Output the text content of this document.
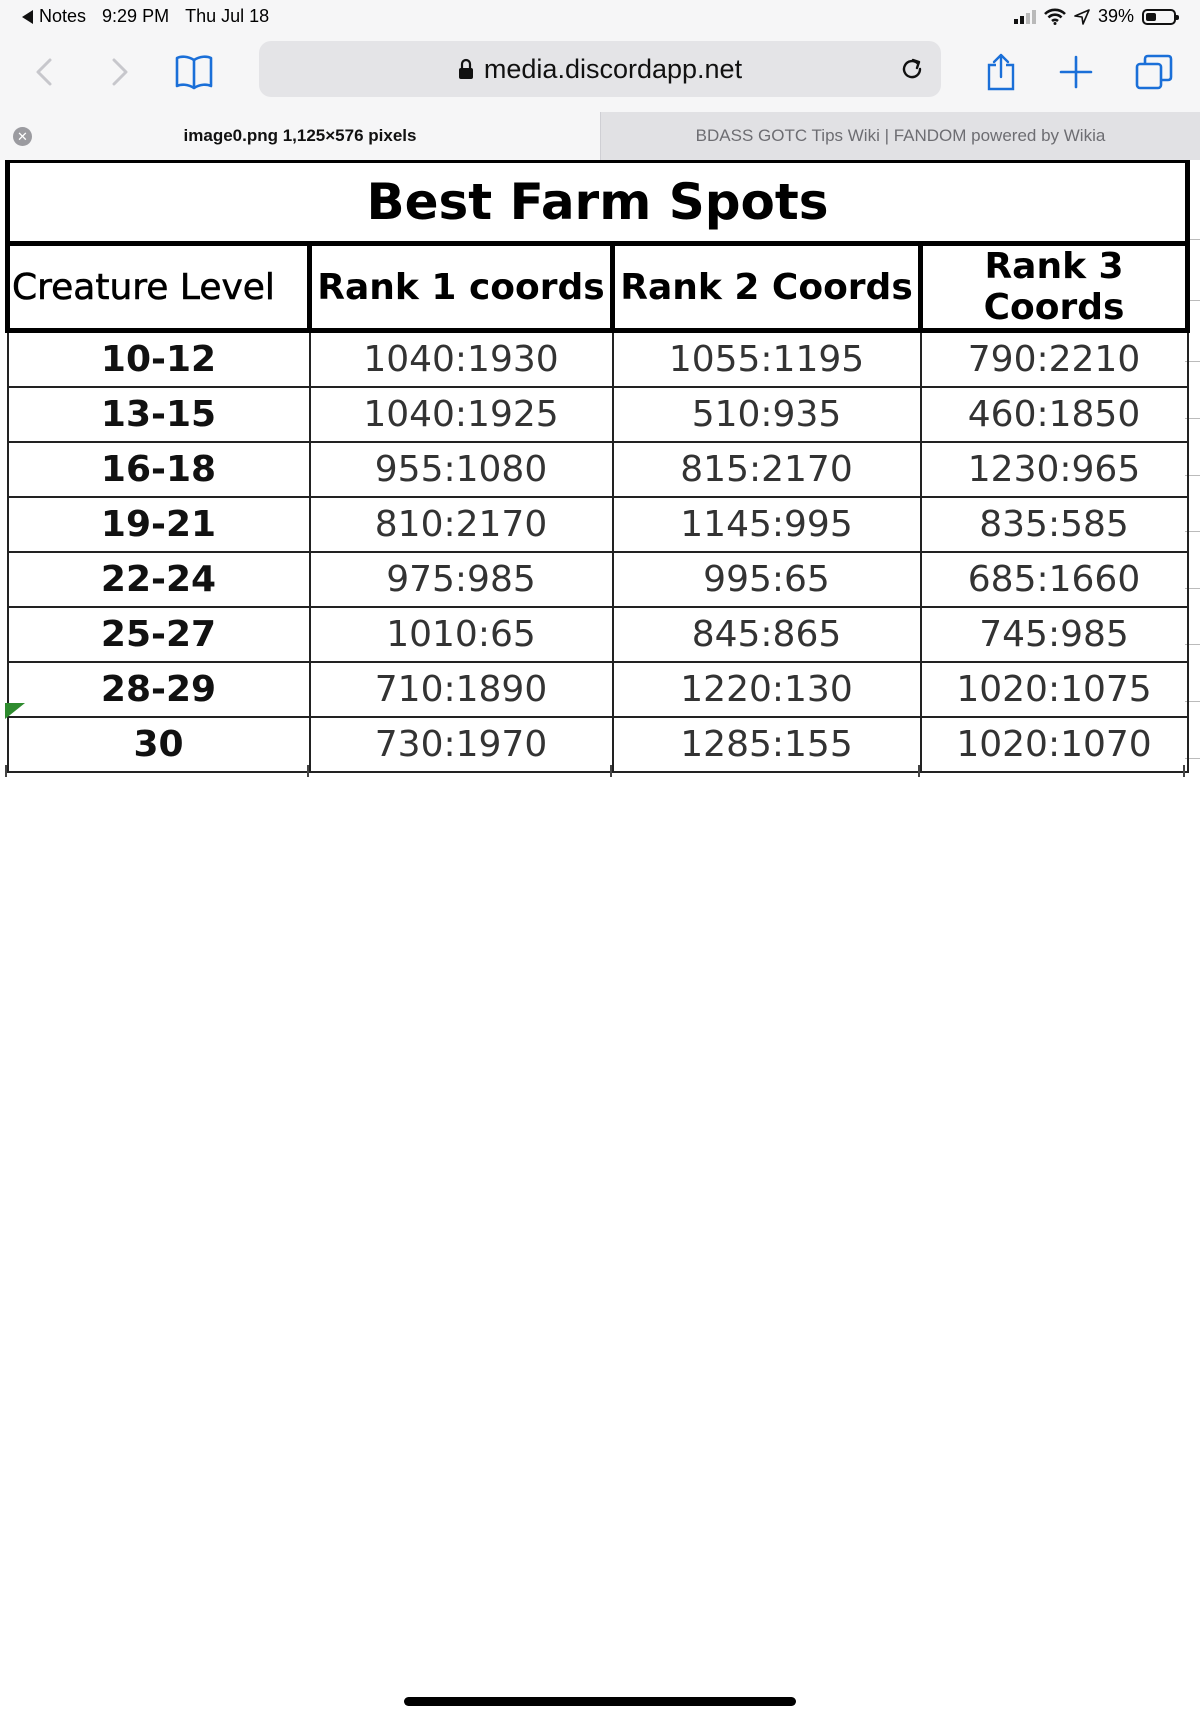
Notes 9:29 PM Thu Jul 18	39%
media.discordapp.net
✕	image0.png 1,125×576 pixels	BDASS GOTC Tips Wiki | FANDOM powered by Wikia
Best Farm Spots			
Creature Level	Rank 1 coords	Rank 2 Coords	Rank 3 Coords
10-12	1040:1930	1055:1195	790:2210
13-15	1040:1925	510:935	460:1850
16-18	955:1080	815:2170	1230:965
19-21	810:2170	1145:995	835:585
22-24	975:985	995:65	685:1660
25-27	1010:65	845:865	745:985
28-29	710:1890	1220:130	1020:1075
30	730:1970	1285:155	1020:1070
